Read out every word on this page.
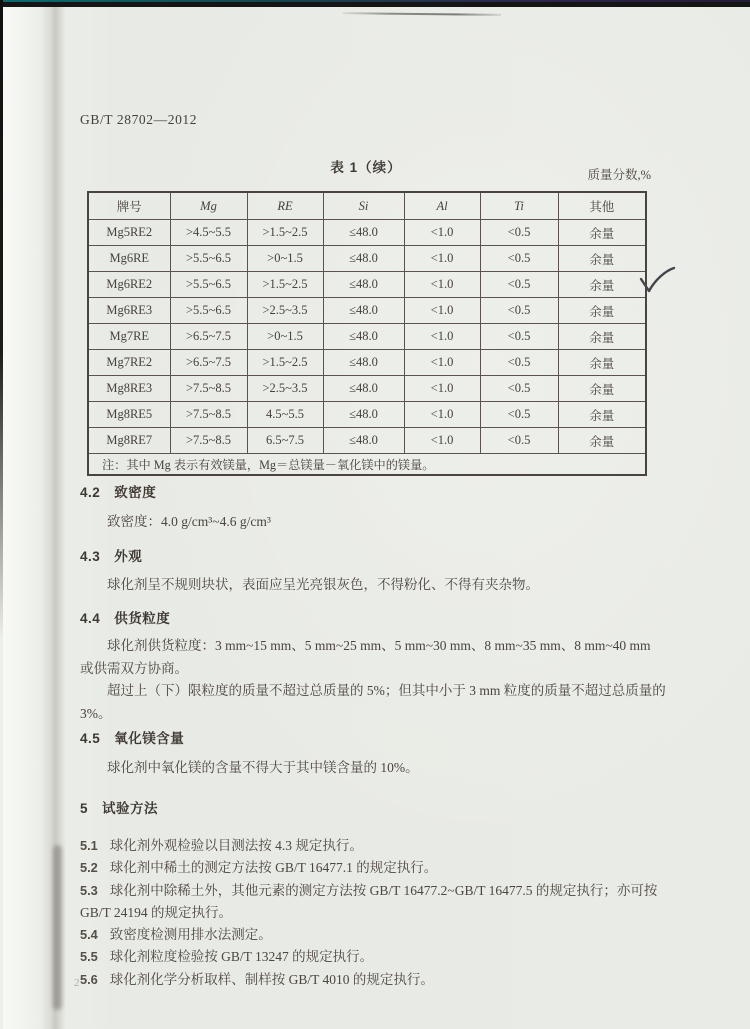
GB/T 28702—2012
表 1（续）	质量分数,%
牌号	Mg	RE	Si	Al	Ti	其他
Mg5RE2	>4.5~5.5	>1.5~2.5	≤48.0	<1.0	<0.5	余量
Mg6RE	>5.5~6.5	>0~1.5	≤48.0	<1.0	<0.5	余量
Mg6RE2	>5.5~6.5	>1.5~2.5	≤48.0	<1.0	<0.5	余量
Mg6RE3	>5.5~6.5	>2.5~3.5	≤48.0	<1.0	<0.5	余量
Mg7RE	>6.5~7.5	>0~1.5	≤48.0	<1.0	<0.5	余量
Mg7RE2	>6.5~7.5	>1.5~2.5	≤48.0	<1.0	<0.5	余量
Mg8RE3	>7.5~8.5	>2.5~3.5	≤48.0	<1.0	<0.5	余量
Mg8RE5	>7.5~8.5	4.5~5.5	≤48.0	<1.0	<0.5	余量
Mg8RE7	>7.5~8.5	6.5~7.5	≤48.0	<1.0	<0.5	余量
注：其中 Mg 表示有效镁量，Mg＝总镁量－氧化镁中的镁量。						
4.2 致密度
致密度：4.0 g/cm³~4.6 g/cm³
4.3 外观
球化剂呈不规则块状，表面应呈光亮银灰色，不得粉化、不得有夹杂物。
4.4 供货粒度
球化剂供货粒度：3 mm~15 mm、5 mm~25 mm、5 mm~30 mm、8 mm~35 mm、8 mm~40 mm 或供需双方协商。
超过上（下）限粒度的质量不超过总质量的 5%；但其中小于 3 mm 粒度的质量不超过总质量的 3%。
4.5 氧化镁含量
球化剂中氧化镁的含量不得大于其中镁含量的 10%。
5 试验方法

5.1 球化剂外观检验以目测法按 4.3 规定执行。

5.2 球化剂中稀土的测定方法按 GB/T 16477.1 的规定执行。

5.3 球化剂中除稀土外，其他元素的测定方法按 GB/T 16477.2~GB/T 16477.5 的规定执行；亦可按 GB/T 24194 的规定执行。

5.4 致密度检测用排水法测定。

5.5 球化剂粒度检验按 GB/T 13247 的规定执行。

5.6 球化剂化学分析取样、制样按 GB/T 4010 的规定执行。

2
